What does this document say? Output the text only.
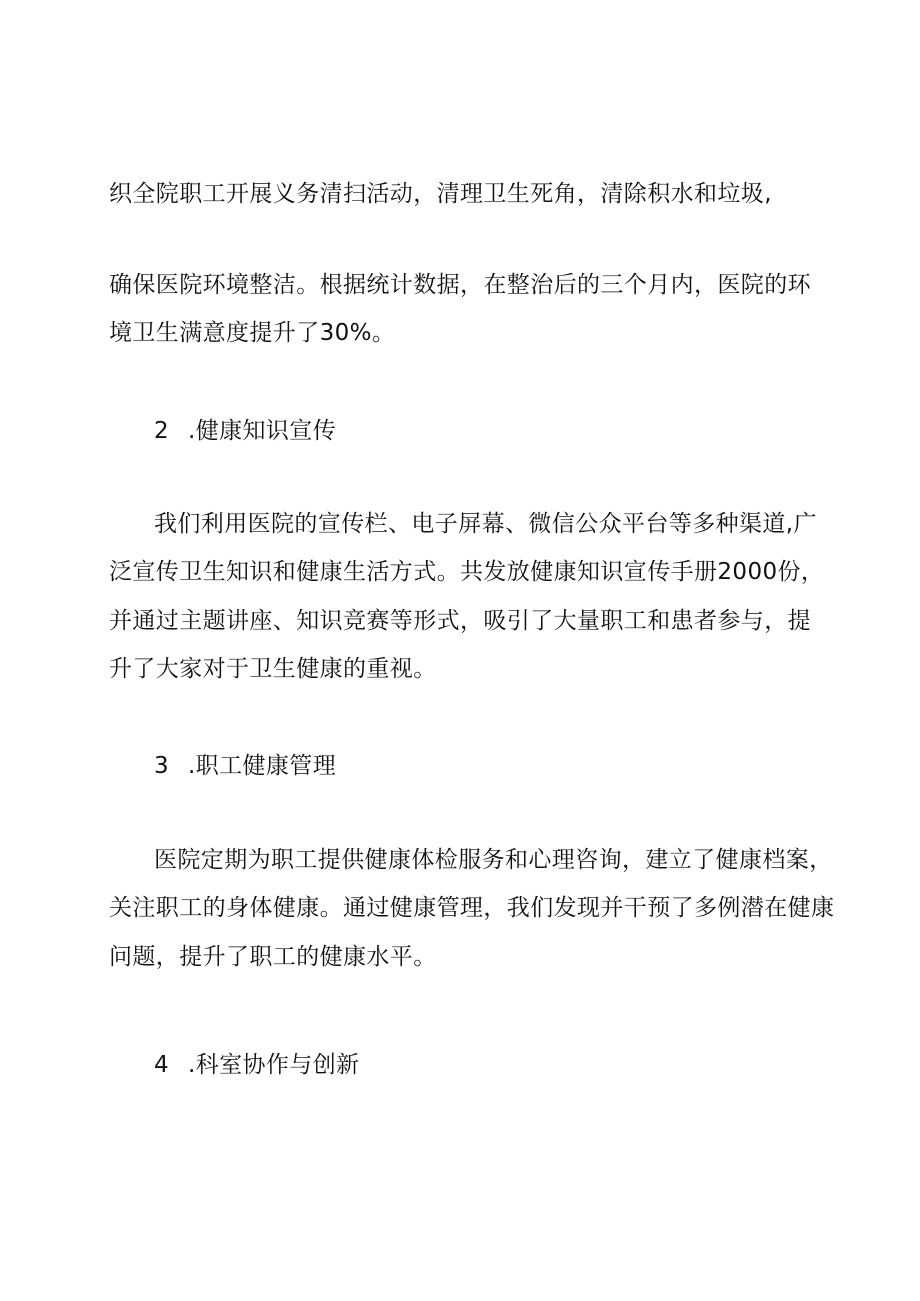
织全院职工开展义务清扫活动，清理卫生死角，清除积水和垃圾,
确保医院环境整洁。根据统计数据，在整治后的三个月内，医院的环
境卫生满意度提升了30%。
2 .健康知识宣传
我们利用医院的宣传栏、电子屏幕、微信公众平台等多种渠道,广
泛宣传卫生知识和健康生活方式。共发放健康知识宣传手册2000份，
并通过主题讲座、知识竞赛等形式，吸引了大量职工和患者参与，提
升了大家对于卫生健康的重视。
3 .职工健康管理
医院定期为职工提供健康体检服务和心理咨询，建立了健康档案，
关注职工的身体健康。通过健康管理，我们发现并干预了多例潜在健康
问题，提升了职工的健康水平。
4 .科室协作与创新
